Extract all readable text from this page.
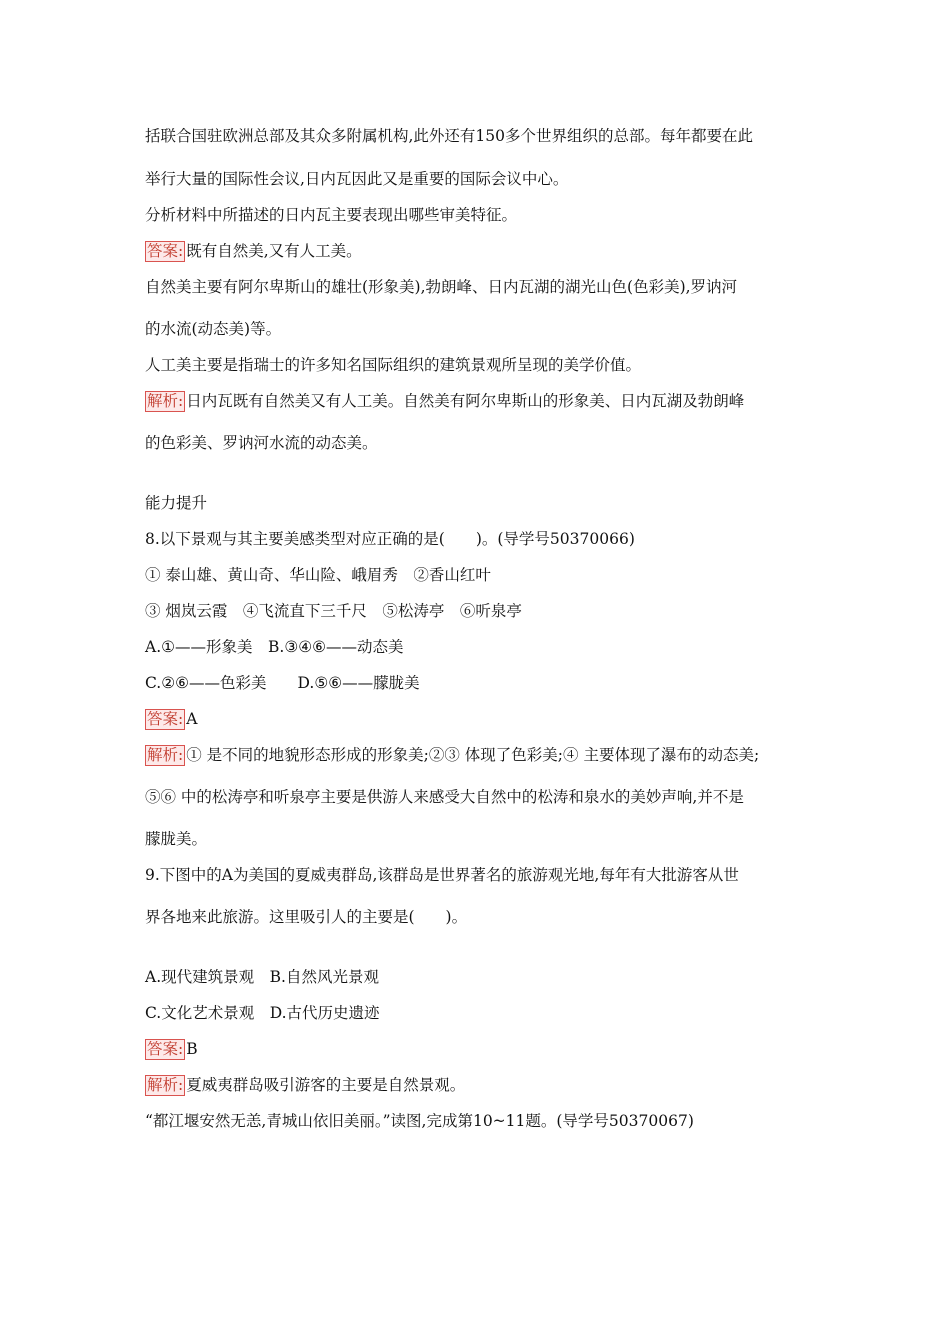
括联合国驻欧洲总部及其众多附属机构,此外还有150多个世界组织的总部。每年都要在此
举行大量的国际性会议,日内瓦因此又是重要的国际会议中心。
分析材料中所描述的日内瓦主要表现出哪些审美特征。
答案: 既有自然美,又有人工美。
自然美主要有阿尔卑斯山的雄壮(形象美),勃朗峰、日内瓦湖的湖光山色(色彩美),罗讷河
的水流(动态美)等。
人工美主要是指瑞士的许多知名国际组织的建筑景观所呈现的美学价值。
解析: 日内瓦既有自然美又有人工美。自然美有阿尔卑斯山的形象美、日内瓦湖及勃朗峰
的色彩美、罗讷河水流的动态美。
能力提升
8.以下景观与其主要美感类型对应正确的是(　　)。(导学号50370066)
① 泰山雄、黄山奇、华山险、峨眉秀　②香山红叶
③ 烟岚云霞　④飞流直下三千尺　⑤松涛亭　⑥听泉亭
A.①——形象美　B.③④⑥——动态美
C.②⑥——色彩美　　D.⑤⑥——朦胧美
答案: A
解析: ① 是不同的地貌形态形成的形象美;②③ 体现了色彩美;④ 主要体现了瀑布的动态美;
⑤⑥ 中的松涛亭和听泉亭主要是供游人来感受大自然中的松涛和泉水的美妙声响,并不是
朦胧美。
9.下图中的A为美国的夏威夷群岛,该群岛是世界著名的旅游观光地,每年有大批游客从世
界各地来此旅游。这里吸引人的主要是(　　)。
A.现代建筑景观　B.自然风光景观
C.文化艺术景观　D.古代历史遗迹
答案: B
解析: 夏威夷群岛吸引游客的主要是自然景观。
“都江堰安然无恙,青城山依旧美丽。”读图,完成第10~11题。(导学号50370067)
